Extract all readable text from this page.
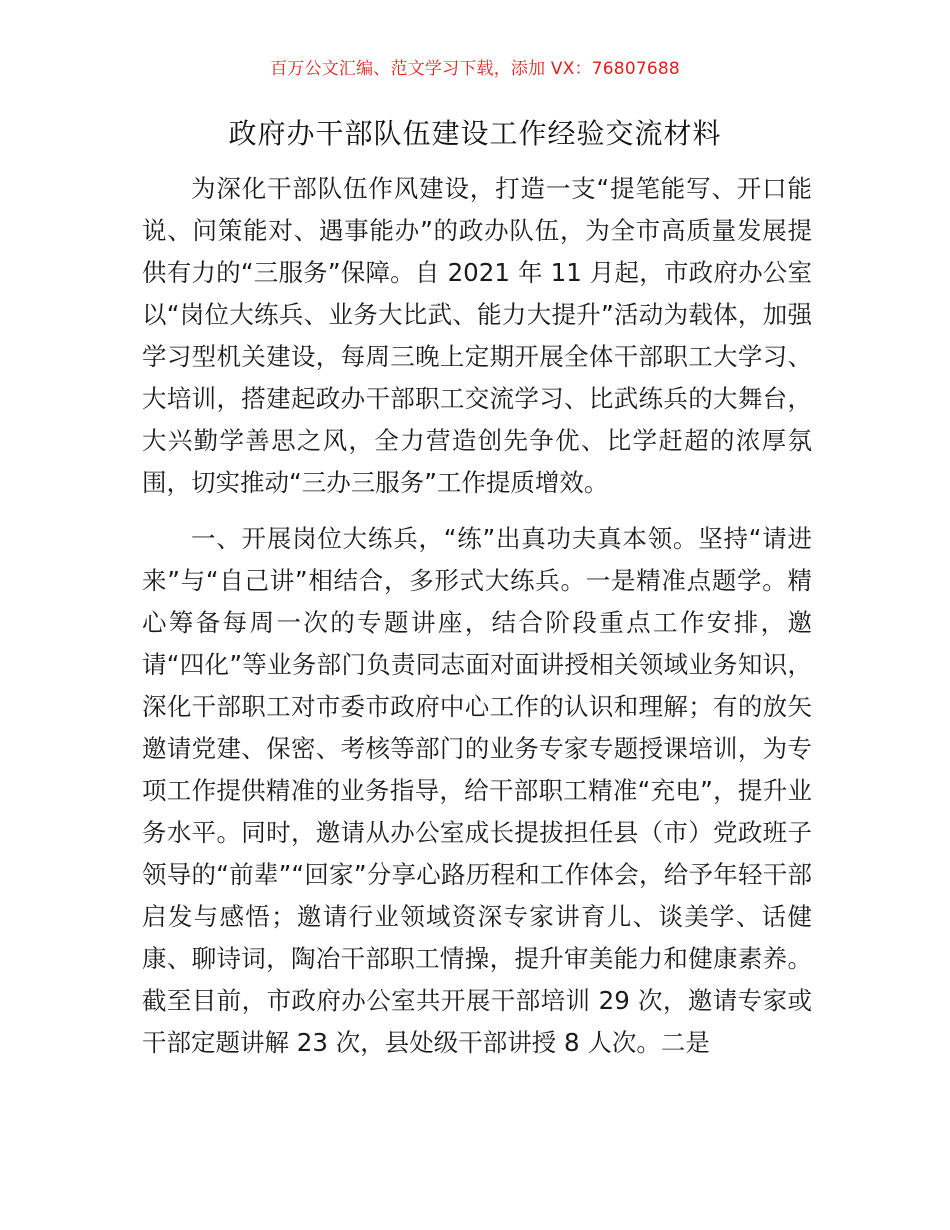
百万公文汇编、范文学习下载，添加 VX：76807688
政府办干部队伍建设工作经验交流材料

为深化干部队伍作风建设，打造一支“提笔能写、开口能说、问策能对、遇事能办”的政办队伍，为全市高质量发展提供有力的“三服务”保障。自 2021 年 11 月起，市政府办公室以“岗位大练兵、业务大比武、能力大提升”活动为载体，加强学习型机关建设，每周三晚上定期开展全体干部职工大学习、大培训，搭建起政办干部职工交流学习、比武练兵的大舞台，大兴勤学善思之风，全力营造创先争优、比学赶超的浓厚氛围，切实推动“三办三服务”工作提质增效。

一、开展岗位大练兵，“练”出真功夫真本领。坚持“请进来”与“自己讲”相结合，多形式大练兵。一是精准点题学。精心筹备每周一次的专题讲座，结合阶段重点工作安排，邀请“四化”等业务部门负责同志面对面讲授相关领域业务知识，深化干部职工对市委市政府中心工作的认识和理解；有的放矢邀请党建、保密、考核等部门的业务专家专题授课培训，为专项工作提供精准的业务指导，给干部职工精准“充电”，提升业务水平。同时，邀请从办公室成长提拔担任县（市）党政班子领导的“前辈”“回家”分享心路历程和工作体会，给予年轻干部启发与感悟；邀请行业领域资深专家讲育儿、谈美学、话健康、聊诗词，陶冶干部职工情操，提升审美能力和健康素养。截至目前，市政府办公室共开展干部培训 29 次，邀请专家或干部定题讲解 23 次，县处级干部讲授 8 人次。二是
